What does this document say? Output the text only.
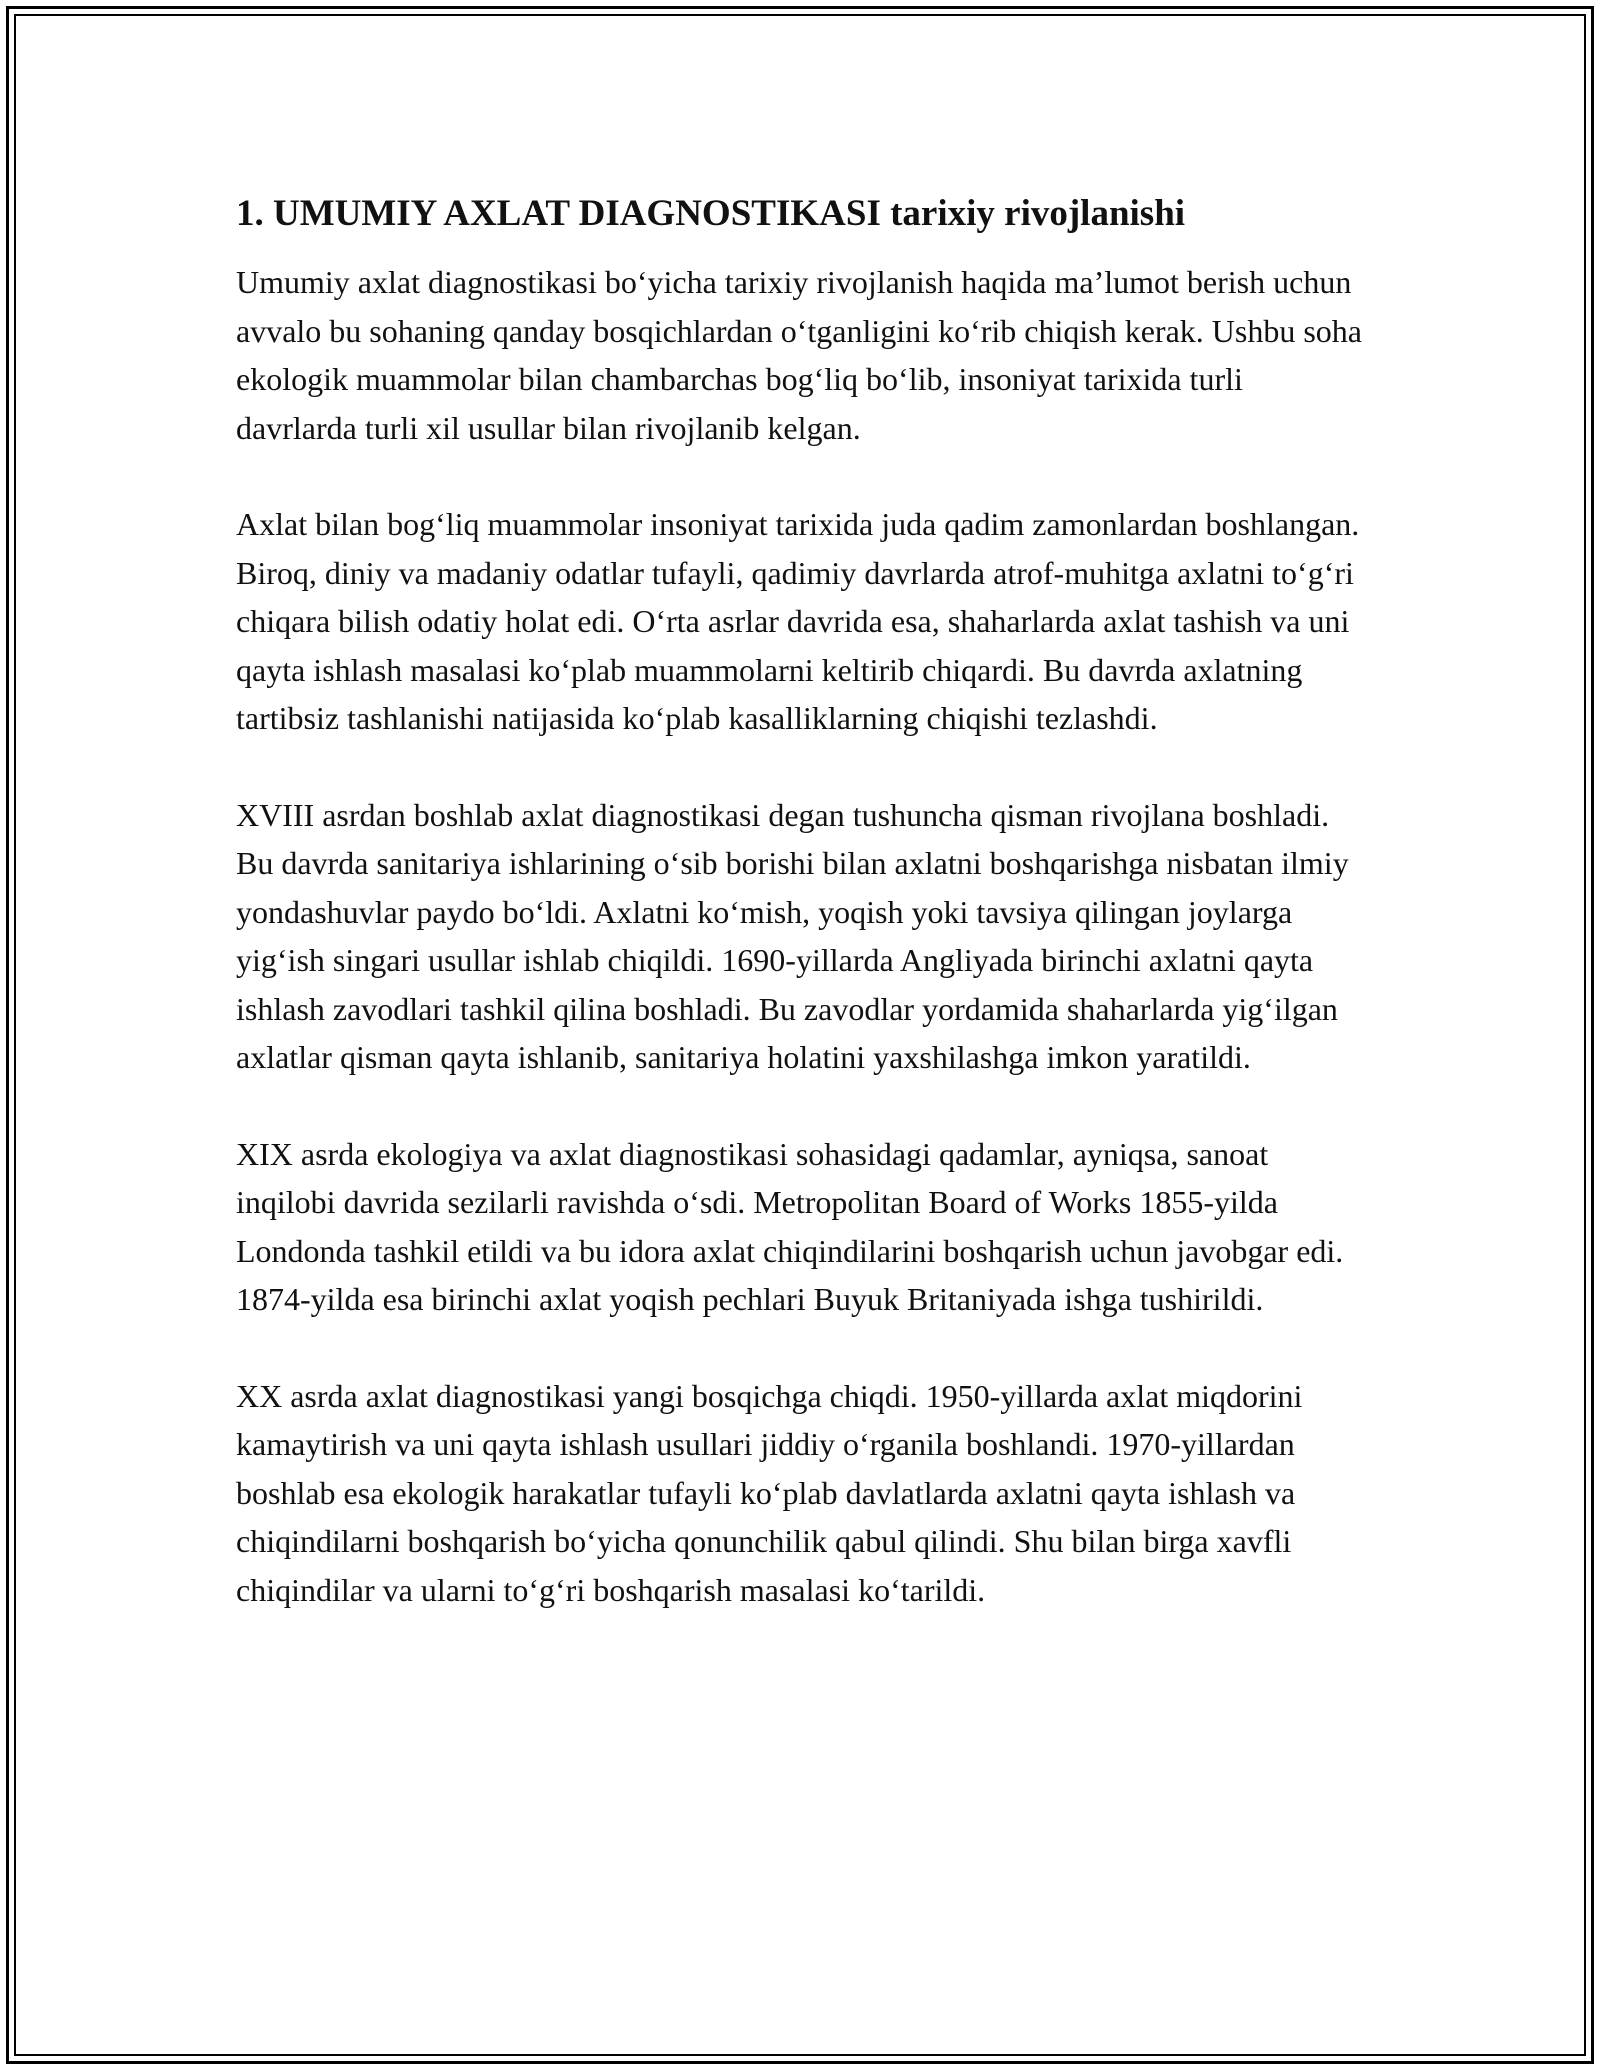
1. UMUMIY AXLAT DIAGNOSTIKASI tarixiy rivojlanishi

Umumiy axlat diagnostikasi bo‘yicha tarixiy rivojlanish haqida ma’lumot berish uchun avvalo bu sohaning qanday bosqichlardan o‘tganligini ko‘rib chiqish kerak. Ushbu soha ekologik muammolar bilan chambarchas bog‘liq bo‘lib, insoniyat tarixida turli davrlarda turli xil usullar bilan rivojlanib kelgan.

Axlat bilan bog‘liq muammolar insoniyat tarixida juda qadim zamonlardan boshlangan. Biroq, diniy va madaniy odatlar tufayli, qadimiy davrlarda atrof-muhitga axlatni to‘g‘ri chiqara bilish odatiy holat edi. O‘rta asrlar davrida esa, shaharlarda axlat tashish va uni qayta ishlash masalasi ko‘plab muammolarni keltirib chiqardi. Bu davrda axlatning tartibsiz tashlanishi natijasida ko‘plab kasalliklarning chiqishi tezlashdi.

XVIII asrdan boshlab axlat diagnostikasi degan tushuncha qisman rivojlana boshladi. Bu davrda sanitariya ishlarining o‘sib borishi bilan axlatni boshqarishga nisbatan ilmiy yondashuvlar paydo bo‘ldi. Axlatni ko‘mish, yoqish yoki tavsiya qilingan joylarga yig‘ish singari usullar ishlab chiqildi. 1690-yillarda Angliyada birinchi axlatni qayta ishlash zavodlari tashkil qilina boshladi. Bu zavodlar yordamida shaharlarda yig‘ilgan axlatlar qisman qayta ishlanib, sanitariya holatini yaxshilashga imkon yaratildi.

XIX asrda ekologiya va axlat diagnostikasi sohasidagi qadamlar, ayniqsa, sanoat inqilobi davrida sezilarli ravishda o‘sdi. Metropolitan Board of Works 1855-yilda Londonda tashkil etildi va bu idora axlat chiqindilarini boshqarish uchun javobgar edi. 1874-yilda esa birinchi axlat yoqish pechlari Buyuk Britaniyada ishga tushirildi.

XX asrda axlat diagnostikasi yangi bosqichga chiqdi. 1950-yillarda axlat miqdorini kamaytirish va uni qayta ishlash usullari jiddiy o‘rganila boshlandi. 1970-yillardan boshlab esa ekologik harakatlar tufayli ko‘plab davlatlarda axlatni qayta ishlash va chiqindilarni boshqarish bo‘yicha qonunchilik qabul qilindi. Shu bilan birga xavfli chiqindilar va ularni to‘g‘ri boshqarish masalasi ko‘tarildi.
